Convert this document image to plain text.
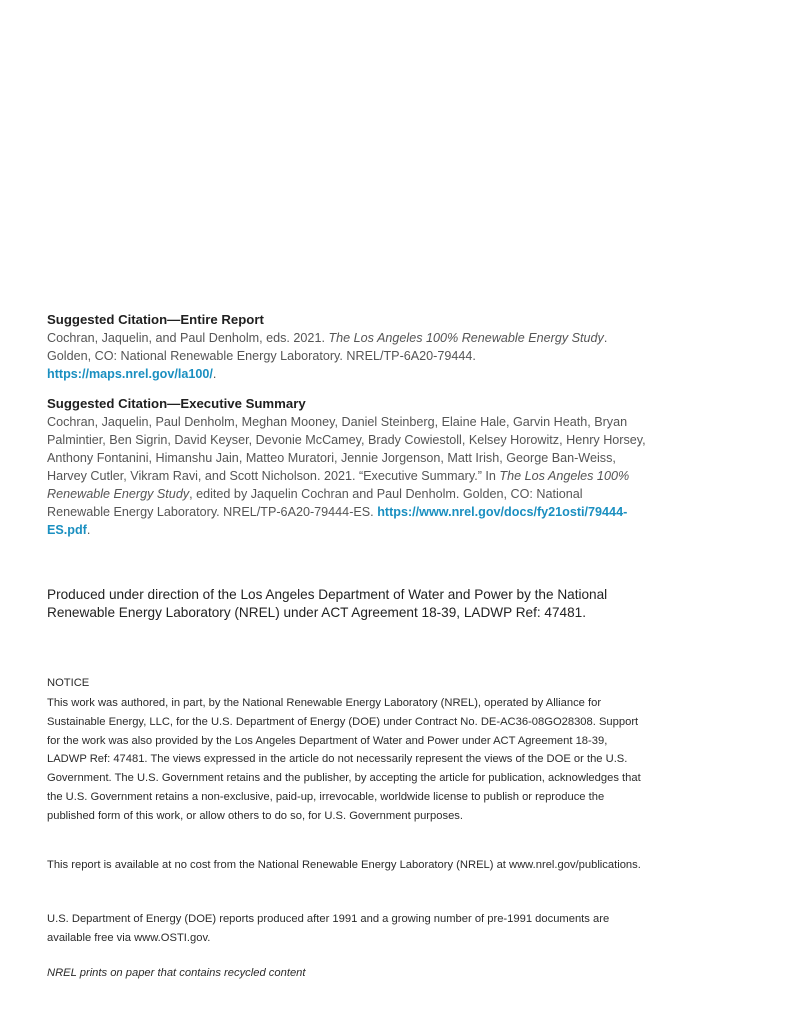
Suggested Citation—Entire Report

Cochran, Jaquelin, and Paul Denholm, eds. 2021. The Los Angeles 100% Renewable Energy Study. Golden, CO: National Renewable Energy Laboratory. NREL/TP-6A20-79444. https://maps.nrel.gov/la100/.

Suggested Citation—Executive Summary

Cochran, Jaquelin, Paul Denholm, Meghan Mooney, Daniel Steinberg, Elaine Hale, Garvin Heath, Bryan Palmintier, Ben Sigrin, David Keyser, Devonie McCamey, Brady Cowiestoll, Kelsey Horowitz, Henry Horsey, Anthony Fontanini, Himanshu Jain, Matteo Muratori, Jennie Jorgenson, Matt Irish, George Ban-Weiss, Harvey Cutler, Vikram Ravi, and Scott Nicholson. 2021. “Executive Summary.” In The Los Angeles 100% Renewable Energy Study, edited by Jaquelin Cochran and Paul Denholm. Golden, CO: National Renewable Energy Laboratory. NREL/TP-6A20-79444-ES. https://www.nrel.gov/docs/fy21osti/79444-ES.pdf.

Produced under direction of the Los Angeles Department of Water and Power by the National Renewable Energy Laboratory (NREL) under ACT Agreement 18-39, LADWP Ref: 47481.

NOTICE

This work was authored, in part, by the National Renewable Energy Laboratory (NREL), operated by Alliance for Sustainable Energy, LLC, for the U.S. Department of Energy (DOE) under Contract No. DE-AC36-08GO28308. Support for the work was also provided by the Los Angeles Department of Water and Power under ACT Agreement 18-39, LADWP Ref: 47481. The views expressed in the article do not necessarily represent the views of the DOE or the U.S. Government. The U.S. Government retains and the publisher, by accepting the article for publication, acknowledges that the U.S. Government retains a non-exclusive, paid-up, irrevocable, worldwide license to publish or reproduce the published form of this work, or allow others to do so, for U.S. Government purposes.

This report is available at no cost from the National Renewable Energy Laboratory (NREL) at www.nrel.gov/publications.

U.S. Department of Energy (DOE) reports produced after 1991 and a growing number of pre-1991 documents are available free via www.OSTI.gov.

NREL prints on paper that contains recycled content
